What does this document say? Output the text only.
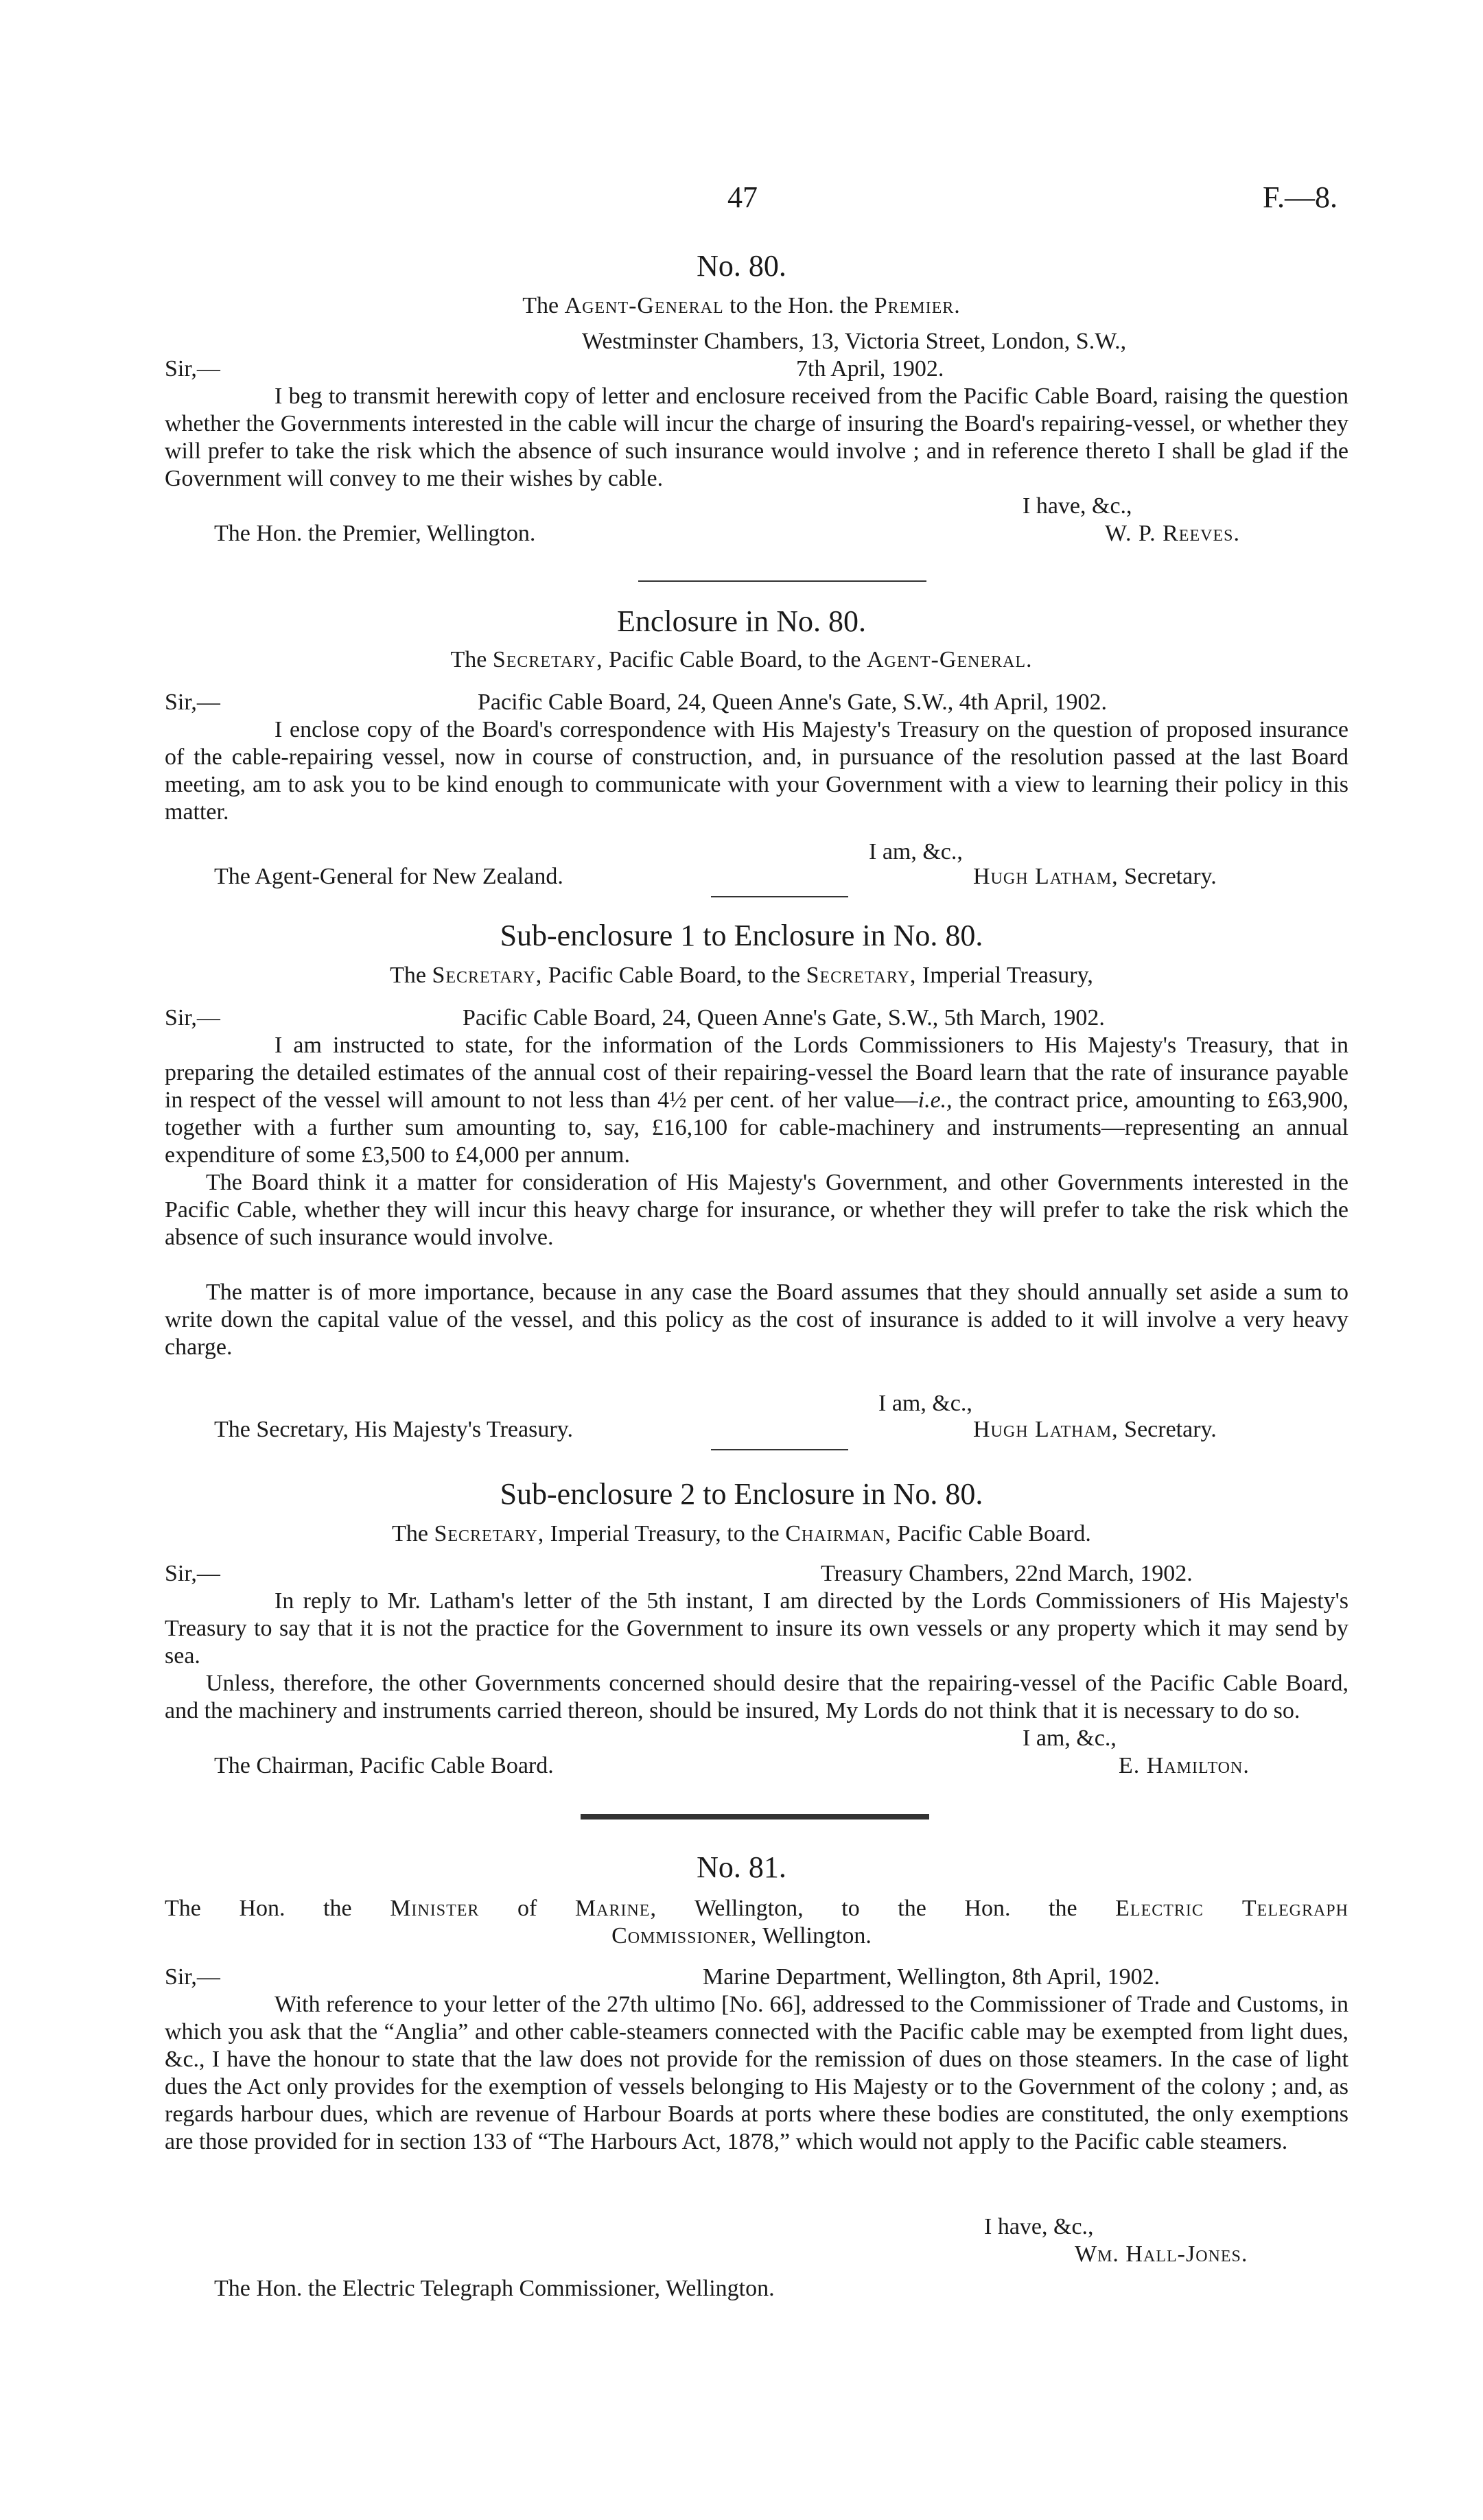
47	F.—8.
No. 80.
The Agent-General to the Hon. the Premier.
Westminster Chambers, 13, Victoria Street, London, S.W.,
Sir,—	7th April, 1902.
I beg to transmit herewith copy of letter and enclosure received from the Pacific Cable Board, raising the question whether the Governments interested in the cable will incur the charge of insuring the Board's repairing-vessel, or whether they will prefer to take the risk which the absence of such insurance would involve ; and in reference thereto I shall be glad if the Government will convey to me their wishes by cable.
I have, &c.,
The Hon. the Premier, Wellington.	W. P. Reeves.
Enclosure in No. 80.
The Secretary, Pacific Cable Board, to the Agent-General.
Sir,—	Pacific Cable Board, 24, Queen Anne's Gate, S.W., 4th April, 1902.
I enclose copy of the Board's correspondence with His Majesty's Treasury on the question of proposed insurance of the cable-repairing vessel, now in course of construction, and, in pursuance of the resolution passed at the last Board meeting, am to ask you to be kind enough to communicate with your Government with a view to learning their policy in this matter.
I am, &c.,
The Agent-General for New Zealand.	Hugh Latham, Secretary.
Sub-enclosure 1 to Enclosure in No. 80.
The Secretary, Pacific Cable Board, to the Secretary, Imperial Treasury,
Sir,—	Pacific Cable Board, 24, Queen Anne's Gate, S.W., 5th March, 1902.
I am instructed to state, for the information of the Lords Commissioners to His Majesty's Treasury, that in preparing the detailed estimates of the annual cost of their repairing-vessel the Board learn that the rate of insurance payable in respect of the vessel will amount to not less than 4½ per cent. of her value—i.e., the contract price, amounting to £63,900, together with a further sum amounting to, say, £16,100 for cable-machinery and instruments—representing an annual expenditure of some £3,500 to £4,000 per annum.
The Board think it a matter for consideration of His Majesty's Government, and other Governments interested in the Pacific Cable, whether they will incur this heavy charge for insurance, or whether they will prefer to take the risk which the absence of such insurance would involve.
The matter is of more importance, because in any case the Board assumes that they should annually set aside a sum to write down the capital value of the vessel, and this policy as the cost of insurance is added to it will involve a very heavy charge.
I am, &c.,
The Secretary, His Majesty's Treasury.	Hugh Latham, Secretary.
Sub-enclosure 2 to Enclosure in No. 80.
The Secretary, Imperial Treasury, to the Chairman, Pacific Cable Board.
Sir,—	Treasury Chambers, 22nd March, 1902.
In reply to Mr. Latham's letter of the 5th instant, I am directed by the Lords Commissioners of His Majesty's Treasury to say that it is not the practice for the Government to insure its own vessels or any property which it may send by sea.
Unless, therefore, the other Governments concerned should desire that the repairing-vessel of the Pacific Cable Board, and the machinery and instruments carried thereon, should be insured, My Lords do not think that it is necessary to do so.
I am, &c.,
The Chairman, Pacific Cable Board.	E. Hamilton.
No. 81.
The Hon. the Minister of Marine, Wellington, to the Hon. the Electric Telegraph
Commissioner, Wellington.
Sir,—	Marine Department, Wellington, 8th April, 1902.
With reference to your letter of the 27th ultimo [No. 66], addressed to the Commissioner of Trade and Customs, in which you ask that the “Anglia” and other cable-steamers connected with the Pacific cable may be exempted from light dues, &c., I have the honour to state that the law does not provide for the remission of dues on those steamers. In the case of light dues the Act only provides for the exemption of vessels belonging to His Majesty or to the Government of the colony ; and, as regards harbour dues, which are revenue of Harbour Boards at ports where these bodies are constituted, the only exemptions are those provided for in section 133 of “The Harbours Act, 1878,” which would not apply to the Pacific cable steamers.
I have, &c.,
Wm. Hall-Jones.
The Hon. the Electric Telegraph Commissioner, Wellington.
